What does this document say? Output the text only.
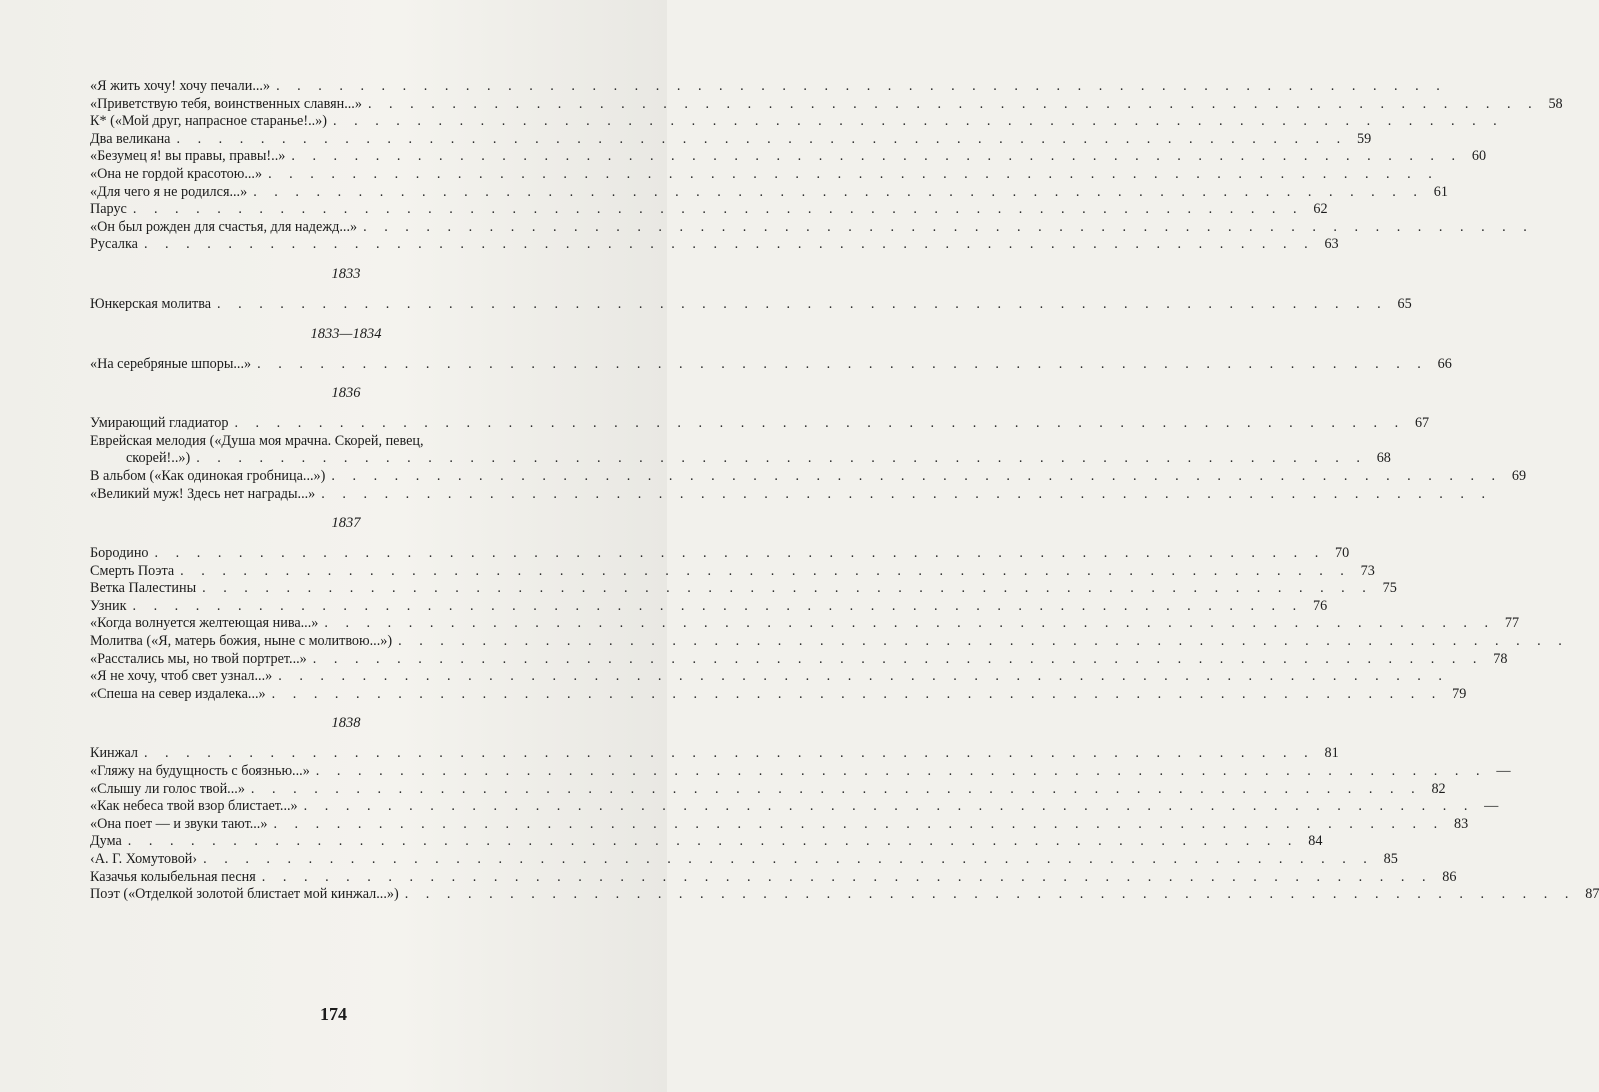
«Я жить хочу! хочу печали...» . . . . . . . . . . . . . . . . . . . . . . . . . . . . . . . . . . . . . . . . . . . . . . . . . . . . . . . .
«Приветствую тебя, воинственных славян...» . . . . . . . . . . . . . . . . . . . . . . . . . . . . . . . . . . . . . . . . . . . . . . . . . . . . . . . . 58
К* («Мой друг, напрасное старанье!..») . . . . . . . . . . . . . . . . . . . . . . . . . . . . . . . . . . . . . . . . . . . . . . . . . . . . . . . .
Два великана . . . . . . . . . . . . . . . . . . . . . . . . . . . . . . . . . . . . . . . . . . . . . . . . . . . . . . . . 59
«Безумец я! вы правы, правы!..» . . . . . . . . . . . . . . . . . . . . . . . . . . . . . . . . . . . . . . . . . . . . . . . . . . . . . . . . 60
«Она не гордой красотою...» . . . . . . . . . . . . . . . . . . . . . . . . . . . . . . . . . . . . . . . . . . . . . . . . . . . . . . . .
«Для чего я не родился...» . . . . . . . . . . . . . . . . . . . . . . . . . . . . . . . . . . . . . . . . . . . . . . . . . . . . . . . . 61
Парус . . . . . . . . . . . . . . . . . . . . . . . . . . . . . . . . . . . . . . . . . . . . . . . . . . . . . . . . 62
«Он был рожден для счастья, для надежд...» . . . . . . . . . . . . . . . . . . . . . . . . . . . . . . . . . . . . . . . . . . . . . . . . . . . . . . . .
Русалка . . . . . . . . . . . . . . . . . . . . . . . . . . . . . . . . . . . . . . . . . . . . . . . . . . . . . . . . 63
1833
Юнкерская молитва . . . . . . . . . . . . . . . . . . . . . . . . . . . . . . . . . . . . . . . . . . . . . . . . . . . . . . . . 65
1833—1834
«На серебряные шпоры...» . . . . . . . . . . . . . . . . . . . . . . . . . . . . . . . . . . . . . . . . . . . . . . . . . . . . . . . . 66
1836
Умирающий гладиатор . . . . . . . . . . . . . . . . . . . . . . . . . . . . . . . . . . . . . . . . . . . . . . . . . . . . . . . . 67
Еврейская мелодия («Душа моя мрачна. Скорей, певец,
скорей!..») . . . . . . . . . . . . . . . . . . . . . . . . . . . . . . . . . . . . . . . . . . . . . . . . . . . . . . . . 68
В альбом («Как одинокая гробница...») . . . . . . . . . . . . . . . . . . . . . . . . . . . . . . . . . . . . . . . . . . . . . . . . . . . . . . . . 69
«Великий муж! Здесь нет награды...» . . . . . . . . . . . . . . . . . . . . . . . . . . . . . . . . . . . . . . . . . . . . . . . . . . . . . . . .
1837
Бородино . . . . . . . . . . . . . . . . . . . . . . . . . . . . . . . . . . . . . . . . . . . . . . . . . . . . . . . . 70
Смерть Поэта . . . . . . . . . . . . . . . . . . . . . . . . . . . . . . . . . . . . . . . . . . . . . . . . . . . . . . . . 73
Ветка Палестины . . . . . . . . . . . . . . . . . . . . . . . . . . . . . . . . . . . . . . . . . . . . . . . . . . . . . . . . 75
Узник . . . . . . . . . . . . . . . . . . . . . . . . . . . . . . . . . . . . . . . . . . . . . . . . . . . . . . . . 76
«Когда волнуется желтеющая нива...» . . . . . . . . . . . . . . . . . . . . . . . . . . . . . . . . . . . . . . . . . . . . . . . . . . . . . . . . 77
Молитва («Я, матерь божия, ныне с молитвою...») . . . . . . . . . . . . . . . . . . . . . . . . . . . . . . . . . . . . . . . . . . . . . . . . . . . . . . . .
«Расстались мы, но твой портрет...» . . . . . . . . . . . . . . . . . . . . . . . . . . . . . . . . . . . . . . . . . . . . . . . . . . . . . . . . 78
«Я не хочу, чтоб свет узнал...» . . . . . . . . . . . . . . . . . . . . . . . . . . . . . . . . . . . . . . . . . . . . . . . . . . . . . . . .
«Спеша на север издалека...» . . . . . . . . . . . . . . . . . . . . . . . . . . . . . . . . . . . . . . . . . . . . . . . . . . . . . . . . 79
1838
Кинжал . . . . . . . . . . . . . . . . . . . . . . . . . . . . . . . . . . . . . . . . . . . . . . . . . . . . . . . . 81
«Гляжу на будущность с боязнью...» . . . . . . . . . . . . . . . . . . . . . . . . . . . . . . . . . . . . . . . . . . . . . . . . . . . . . . . . —
«Слышу ли голос твой...» . . . . . . . . . . . . . . . . . . . . . . . . . . . . . . . . . . . . . . . . . . . . . . . . . . . . . . . . 82
«Как небеса твой взор блистает...» . . . . . . . . . . . . . . . . . . . . . . . . . . . . . . . . . . . . . . . . . . . . . . . . . . . . . . . . —
«Она поет — и звуки тают...» . . . . . . . . . . . . . . . . . . . . . . . . . . . . . . . . . . . . . . . . . . . . . . . . . . . . . . . . 83
Дума . . . . . . . . . . . . . . . . . . . . . . . . . . . . . . . . . . . . . . . . . . . . . . . . . . . . . . . . 84
‹А. Г. Хомутовой› . . . . . . . . . . . . . . . . . . . . . . . . . . . . . . . . . . . . . . . . . . . . . . . . . . . . . . . . 85
Казачья колыбельная песня . . . . . . . . . . . . . . . . . . . . . . . . . . . . . . . . . . . . . . . . . . . . . . . . . . . . . . . . 86
Поэт («Отделкой золотой блистает мой кинжал...») . . . . . . . . . . . . . . . . . . . . . . . . . . . . . . . . . . . . . . . . . . . . . . . . . . . . . . . . 87
174
